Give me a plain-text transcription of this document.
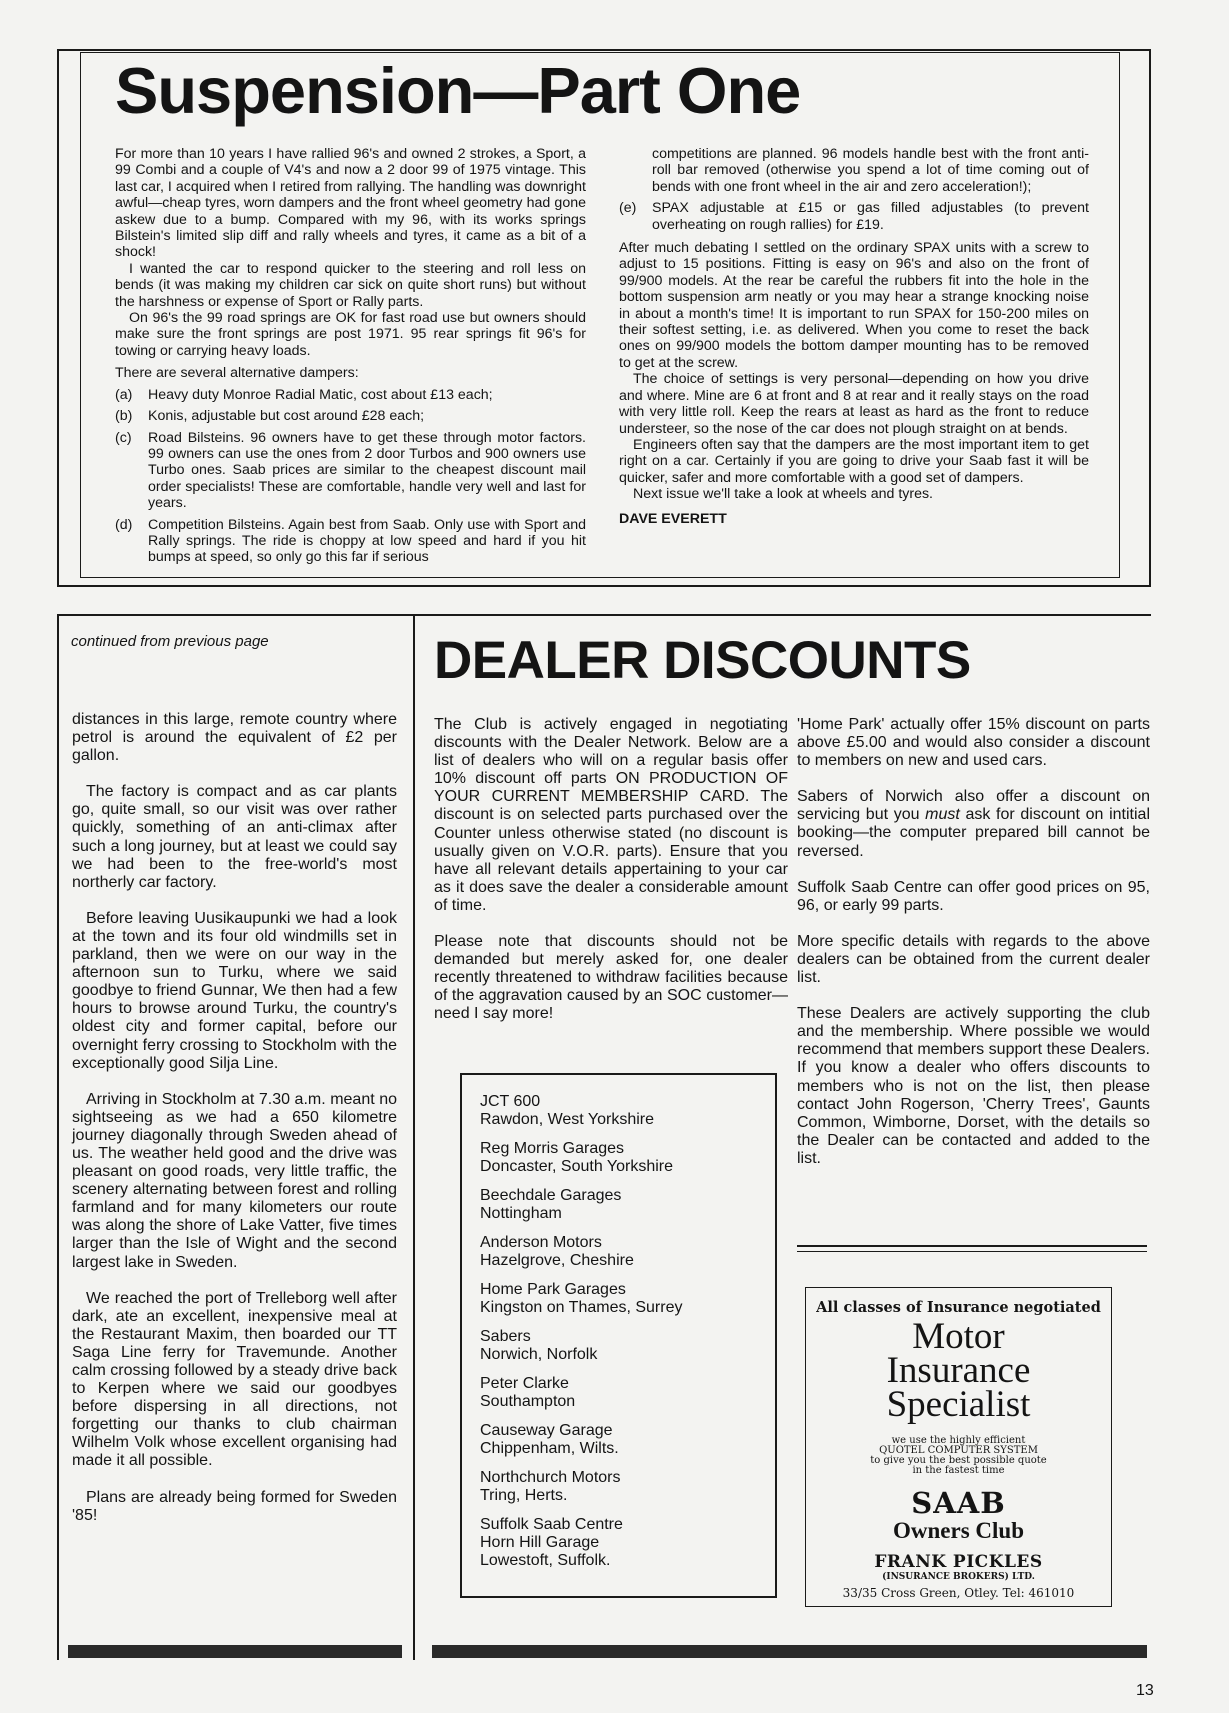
Suspension—Part One

For more than 10 years I have rallied 96's and owned 2 strokes, a Sport, a 99 Combi and a couple of V4's and now a 2 door 99 of 1975 vintage. This last car, I acquired when I retired from rallying. The handling was downright awful—cheap tyres, worn dampers and the front wheel geometry had gone askew due to a bump. Compared with my 96, with its works springs Bilstein's limited slip diff and rally wheels and tyres, it came as a bit of a shock!

I wanted the car to respond quicker to the steering and roll less on bends (it was making my children car sick on quite short runs) but without the harshness or expense of Sport or Rally parts.

On 96's the 99 road springs are OK for fast road use but owners should make sure the front springs are post 1971. 95 rear springs fit 96's for towing or carrying heavy loads.

There are several alternative dampers:

(a)	Heavy duty Monroe Radial Matic, cost about £13 each;
(b)	Konis, adjustable but cost around £28 each;
(c)	Road Bilsteins. 96 owners have to get these through motor factors. 99 owners can use the ones from 2 door Turbos and 900 owners use Turbo ones. Saab prices are similar to the cheapest discount mail order specialists! These are comfortable, handle very well and last for years.
(d)	Competition Bilsteins. Again best from Saab. Only use with Sport and Rally springs. The ride is choppy at low speed and hard if you hit bumps at speed, so only go this far if serious

competitions are planned. 96 models handle best with the front anti-roll bar removed (otherwise you spend a lot of time coming out of bends with one front wheel in the air and zero acceleration!);

(e)	SPAX adjustable at £15 or gas filled adjustables (to prevent overheating on rough rallies) for £19.

After much debating I settled on the ordinary SPAX units with a screw to adjust to 15 positions. Fitting is easy on 96's and also on the front of 99/900 models. At the rear be careful the rubbers fit into the hole in the bottom suspension arm neatly or you may hear a strange knocking noise in about a month's time! It is important to run SPAX for 150-200 miles on their softest setting, i.e. as delivered. When you come to reset the back ones on 99/900 models the bottom damper mounting has to be removed to get at the screw.

The choice of settings is very personal—depending on how you drive and where. Mine are 6 at front and 8 at rear and it really stays on the road with very little roll. Keep the rears at least as hard as the front to reduce understeer, so the nose of the car does not plough straight on at bends.

Engineers often say that the dampers are the most important item to get right on a car. Certainly if you are going to drive your Saab fast it will be quicker, safer and more comfortable with a good set of dampers.

Next issue we'll take a look at wheels and tyres.

DAVE EVERETT

continued from previous page

distances in this large, remote country where petrol is around the equivalent of £2 per gallon.

The factory is compact and as car plants go, quite small, so our visit was over rather quickly, something of an anti-climax after such a long journey, but at least we could say we had been to the free-world's most northerly car factory.

Before leaving Uusikaupunki we had a look at the town and its four old windmills set in parkland, then we were on our way in the afternoon sun to Turku, where we said goodbye to friend Gunnar, We then had a few hours to browse around Turku, the country's oldest city and former capital, before our overnight ferry crossing to Stockholm with the exceptionally good Silja Line.

Arriving in Stockholm at 7.30 a.m. meant no sightseeing as we had a 650 kilometre journey diagonally through Sweden ahead of us. The weather held good and the drive was pleasant on good roads, very little traffic, the scenery alternating between forest and rolling farmland and for many kilometers our route was along the shore of Lake Vatter, five times larger than the Isle of Wight and the second largest lake in Sweden.

We reached the port of Trelleborg well after dark, ate an excellent, inexpensive meal at the Restaurant Maxim, then boarded our TT Saga Line ferry for Travemunde. Another calm crossing followed by a steady drive back to Kerpen where we said our goodbyes before dispersing in all directions, not forgetting our thanks to club chairman Wilhelm Volk whose excellent organising had made it all possible.

Plans are already being formed for Sweden '85!

DEALER DISCOUNTS

The Club is actively engaged in negotiating discounts with the Dealer Network. Below are a list of dealers who will on a regular basis offer 10% discount off parts ON PRODUCTION OF YOUR CURRENT MEMBERSHIP CARD. The discount is on selected parts purchased over the Counter unless otherwise stated (no discount is usually given on V.O.R. parts). Ensure that you have all relevant details appertaining to your car as it does save the dealer a considerable amount of time.

Please note that discounts should not be demanded but merely asked for, one dealer recently threatened to withdraw facilities because of the aggravation caused by an SOC customer—need I say more!

JCT 600
Rawdon, West Yorkshire
Reg Morris Garages
Doncaster, South Yorkshire
Beechdale Garages
Nottingham
Anderson Motors
Hazelgrove, Cheshire
Home Park Garages
Kingston on Thames, Surrey
Sabers
Norwich, Norfolk
Peter Clarke
Southampton
Causeway Garage
Chippenham, Wilts.
Northchurch Motors
Tring, Herts.
Suffolk Saab Centre
Horn Hill Garage
Lowestoft, Suffolk.

'Home Park' actually offer 15% discount on parts above £5.00 and would also consider a discount to members on new and used cars.

Sabers of Norwich also offer a discount on servicing but you must ask for discount on intitial booking—the computer prepared bill cannot be reversed.

Suffolk Saab Centre can offer good prices on 95, 96, or early 99 parts.

More specific details with regards to the above dealers can be obtained from the current dealer list.

These Dealers are actively supporting the club and the membership. Where possible we would recommend that members support these Dealers. If you know a dealer who offers discounts to members who is not on the list, then please contact John Rogerson, 'Cherry Trees', Gaunts Common, Wimborne, Dorset, with the details so the Dealer can be contacted and added to the list.

All classes of Insurance negotiated
Motor
Insurance
Specialist
we use the highly efficient
QUOTEL COMPUTER SYSTEM
to give you the best possible quote
in the fastest time
SAAB
Owners Club
FRANK PICKLES
(INSURANCE BROKERS) LTD.
33/35 Cross Green, Otley. Tel: 461010
13
